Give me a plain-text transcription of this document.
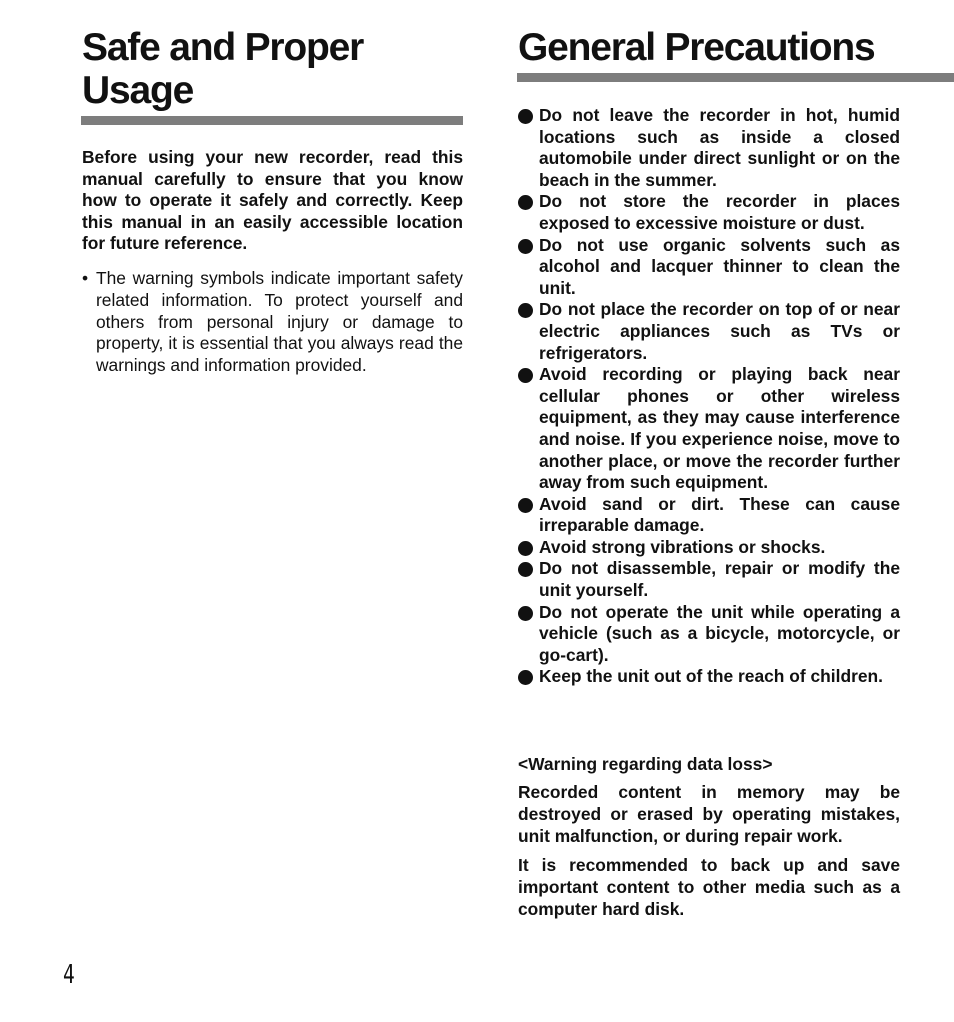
Safe and Proper Usage

Before using your new recorder, read this manual carefully to ensure that you know how to operate it safely and correctly. Keep this manual in an easily accessible location for future reference.

• The warning symbols indicate important safety related information. To protect yourself and others from personal injury or damage to property, it is essential that you always read the warnings and information provided.

General Precautions
Do not leave the recorder in hot, humid locations such as inside a closed automobile under direct sunlight or on the beach in the summer.
Do not store the recorder in places exposed to excessive moisture or dust.
Do not use organic solvents such as alcohol and lacquer thinner to clean the unit.
Do not place the recorder on top of or near electric appliances such as TVs or refrigerators.
Avoid recording or playing back near cellular phones or other wireless equipment, as they may cause interference and noise. If you experience noise, move to another place, or move the recorder further away from such equipment.
Avoid sand or dirt. These can cause irreparable damage.
Avoid strong vibrations or shocks.
Do not disassemble, repair or modify the unit yourself.
Do not operate the unit while operating a vehicle (such as a bicycle, motorcycle, or go-cart).
Keep the unit out of the reach of children.

<Warning regarding data loss>

Recorded content in memory may be destroyed or erased by operating mistakes, unit malfunction, or during repair work.

It is recommended to back up and save important content to other media such as a computer hard disk.

4
